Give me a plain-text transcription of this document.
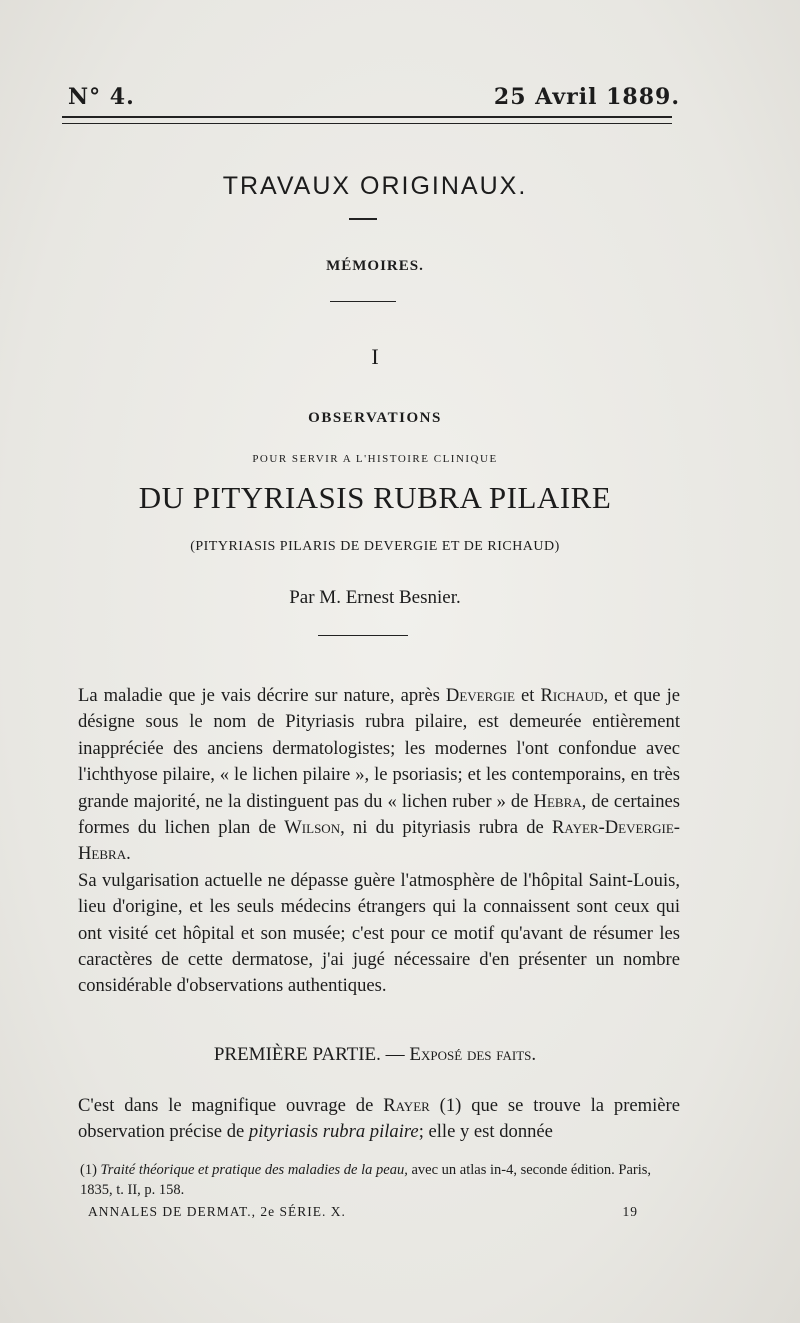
N° 4.	25 Avril 1889.
TRAVAUX ORIGINAUX.
MÉMOIRES.
I
OBSERVATIONS
POUR SERVIR A L'HISTOIRE CLINIQUE
DU PITYRIASIS RUBRA PILAIRE
(PITYRIASIS PILARIS DE DEVERGIE ET DE RICHAUD)
Par M. Ernest Besnier.

La maladie que je vais décrire sur nature, après Devergie et Richaud, et que je désigne sous le nom de Pityriasis rubra pilaire, est demeurée entièrement inappréciée des anciens dermatologistes; les modernes l'ont confondue avec l'ichthyose pilaire, « le lichen pilaire », le psoriasis; et les contemporains, en très grande majorité, ne la distinguent pas du « lichen ruber » de Hebra, de certaines formes du lichen plan de Wilson, ni du pityriasis rubra de Rayer-Devergie-Hebra.

Sa vulgarisation actuelle ne dépasse guère l'atmosphère de l'hôpital Saint-Louis, lieu d'origine, et les seuls médecins étrangers qui la connaissent sont ceux qui ont visité cet hôpital et son musée; c'est pour ce motif qu'avant de résumer les caractères de cette dermatose, j'ai jugé nécessaire d'en présenter un nombre considérable d'observations authentiques.

PREMIÈRE PARTIE. — Exposé des faits.

C'est dans le magnifique ouvrage de Rayer (1) que se trouve la première observation précise de pityriasis rubra pilaire; elle y est donnée

(1) Traité théorique et pratique des maladies de la peau, avec un atlas in-4, seconde édition. Paris, 1835, t. II, p. 158.
ANNALES DE DERMAT., 2e SÉRIE. X.	19
